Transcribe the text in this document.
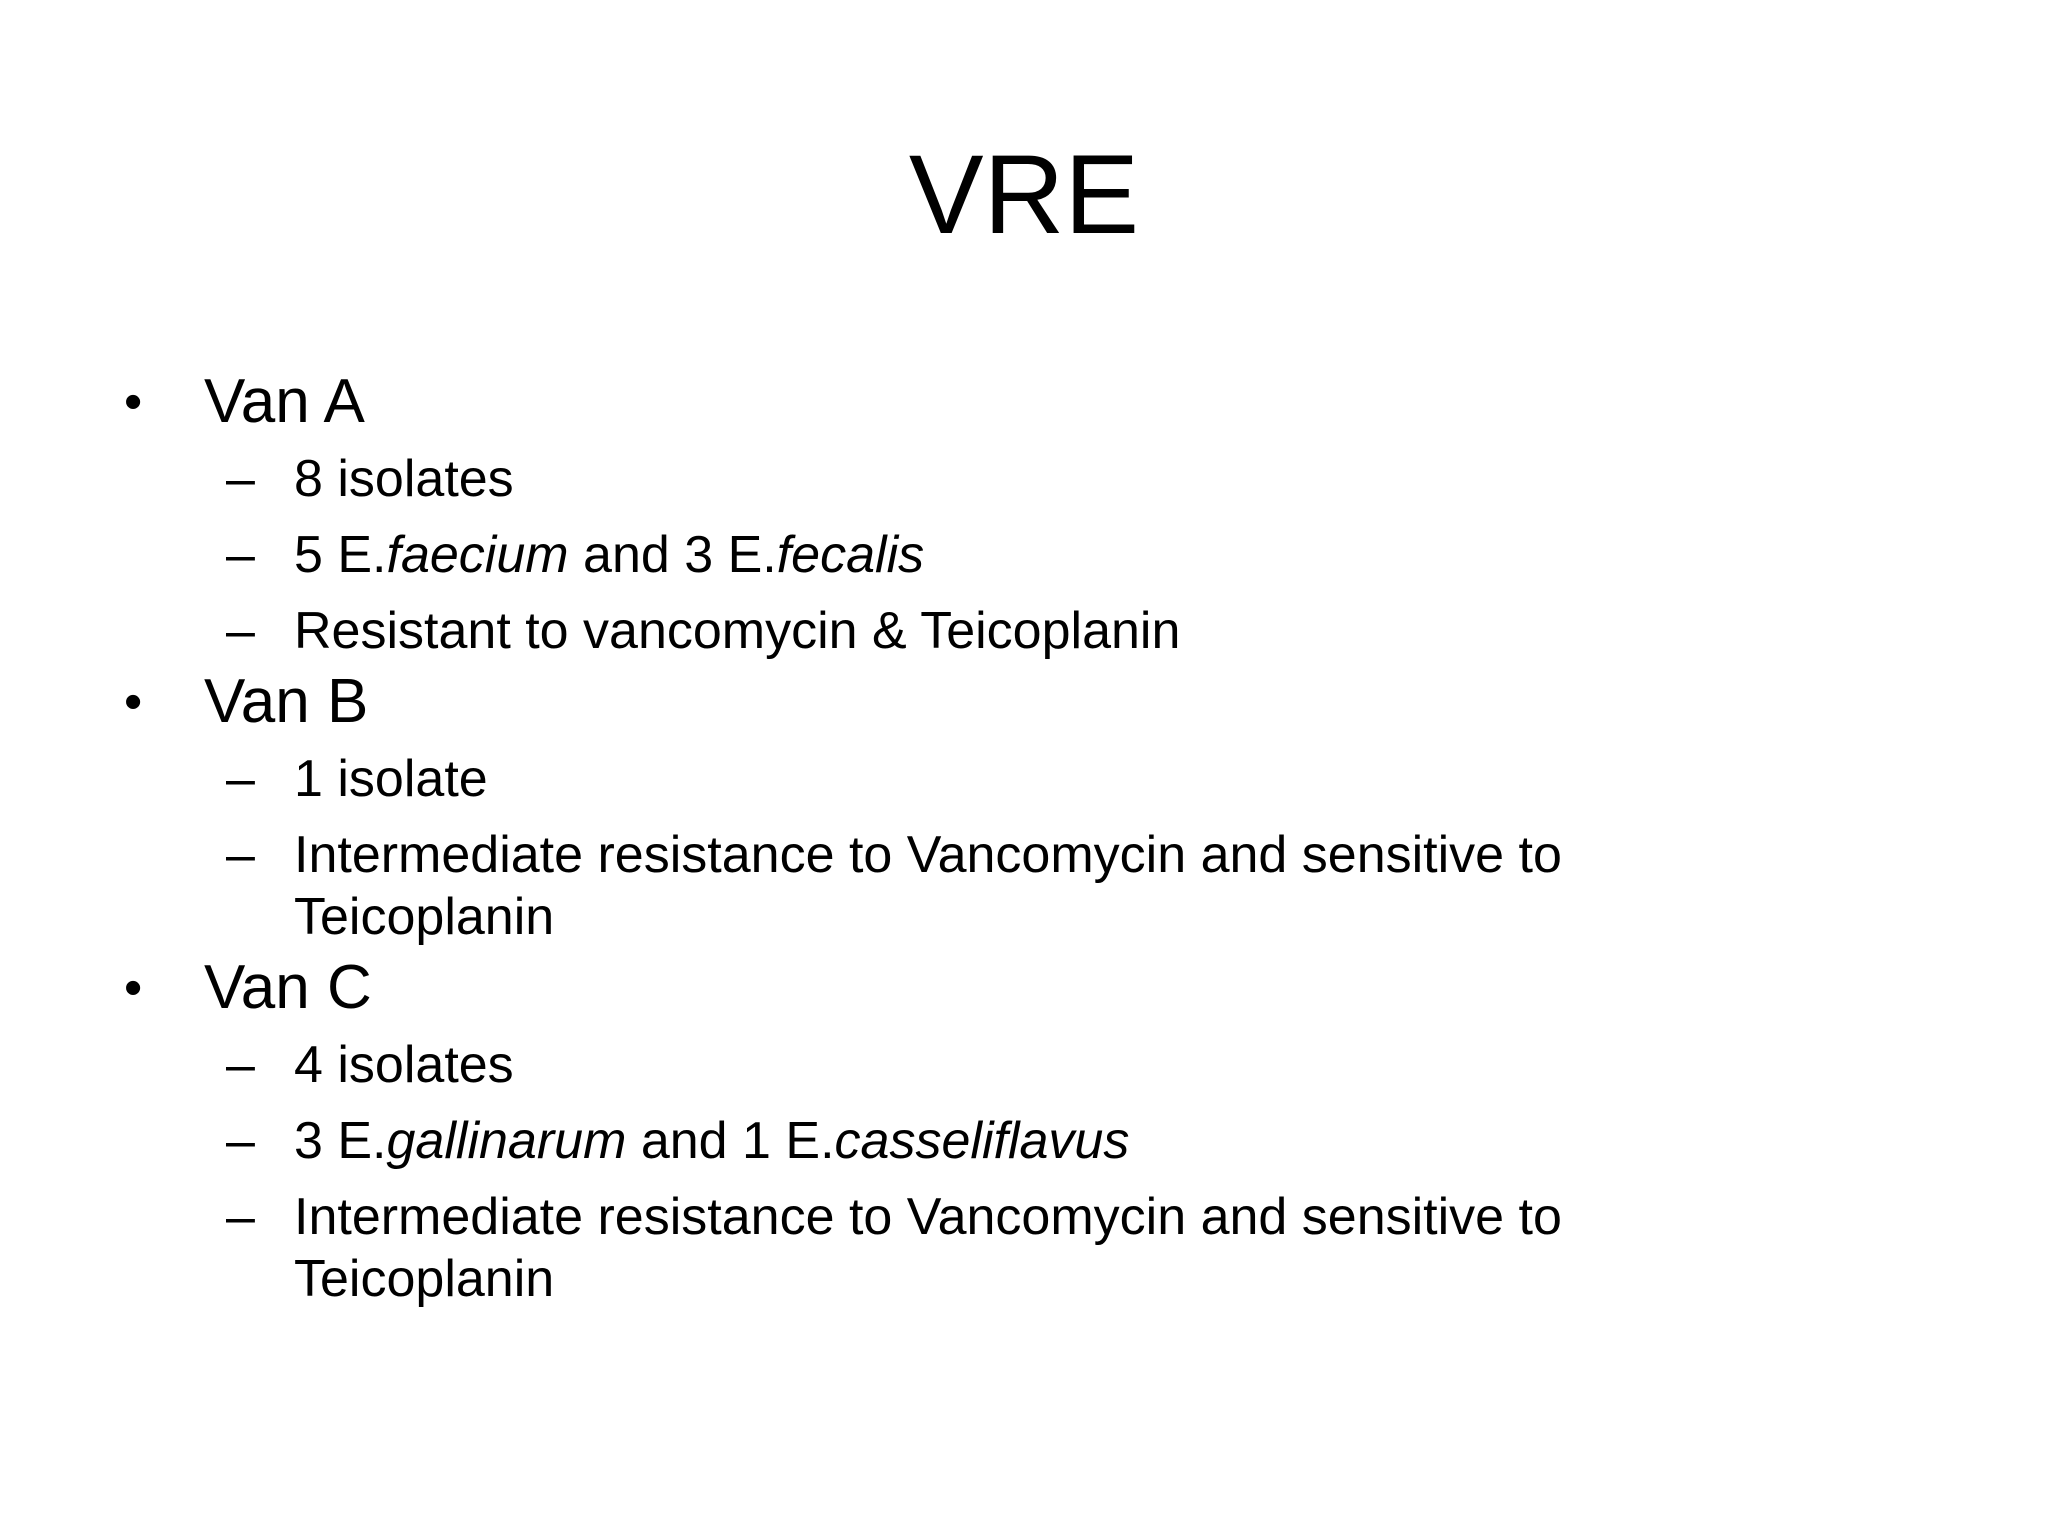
VRE
• Van A
– 8 isolates
– 5 E.faecium and 3 E.fecalis
– Resistant to vancomycin & Teicoplanin
• Van B
– 1 isolate
– Intermediate resistance to Vancomycin and sensitive to Teicoplanin
• Van C
– 4 isolates
– 3 E.gallinarum and 1 E.casseliflavus
– Intermediate resistance to Vancomycin and sensitive to Teicoplanin
